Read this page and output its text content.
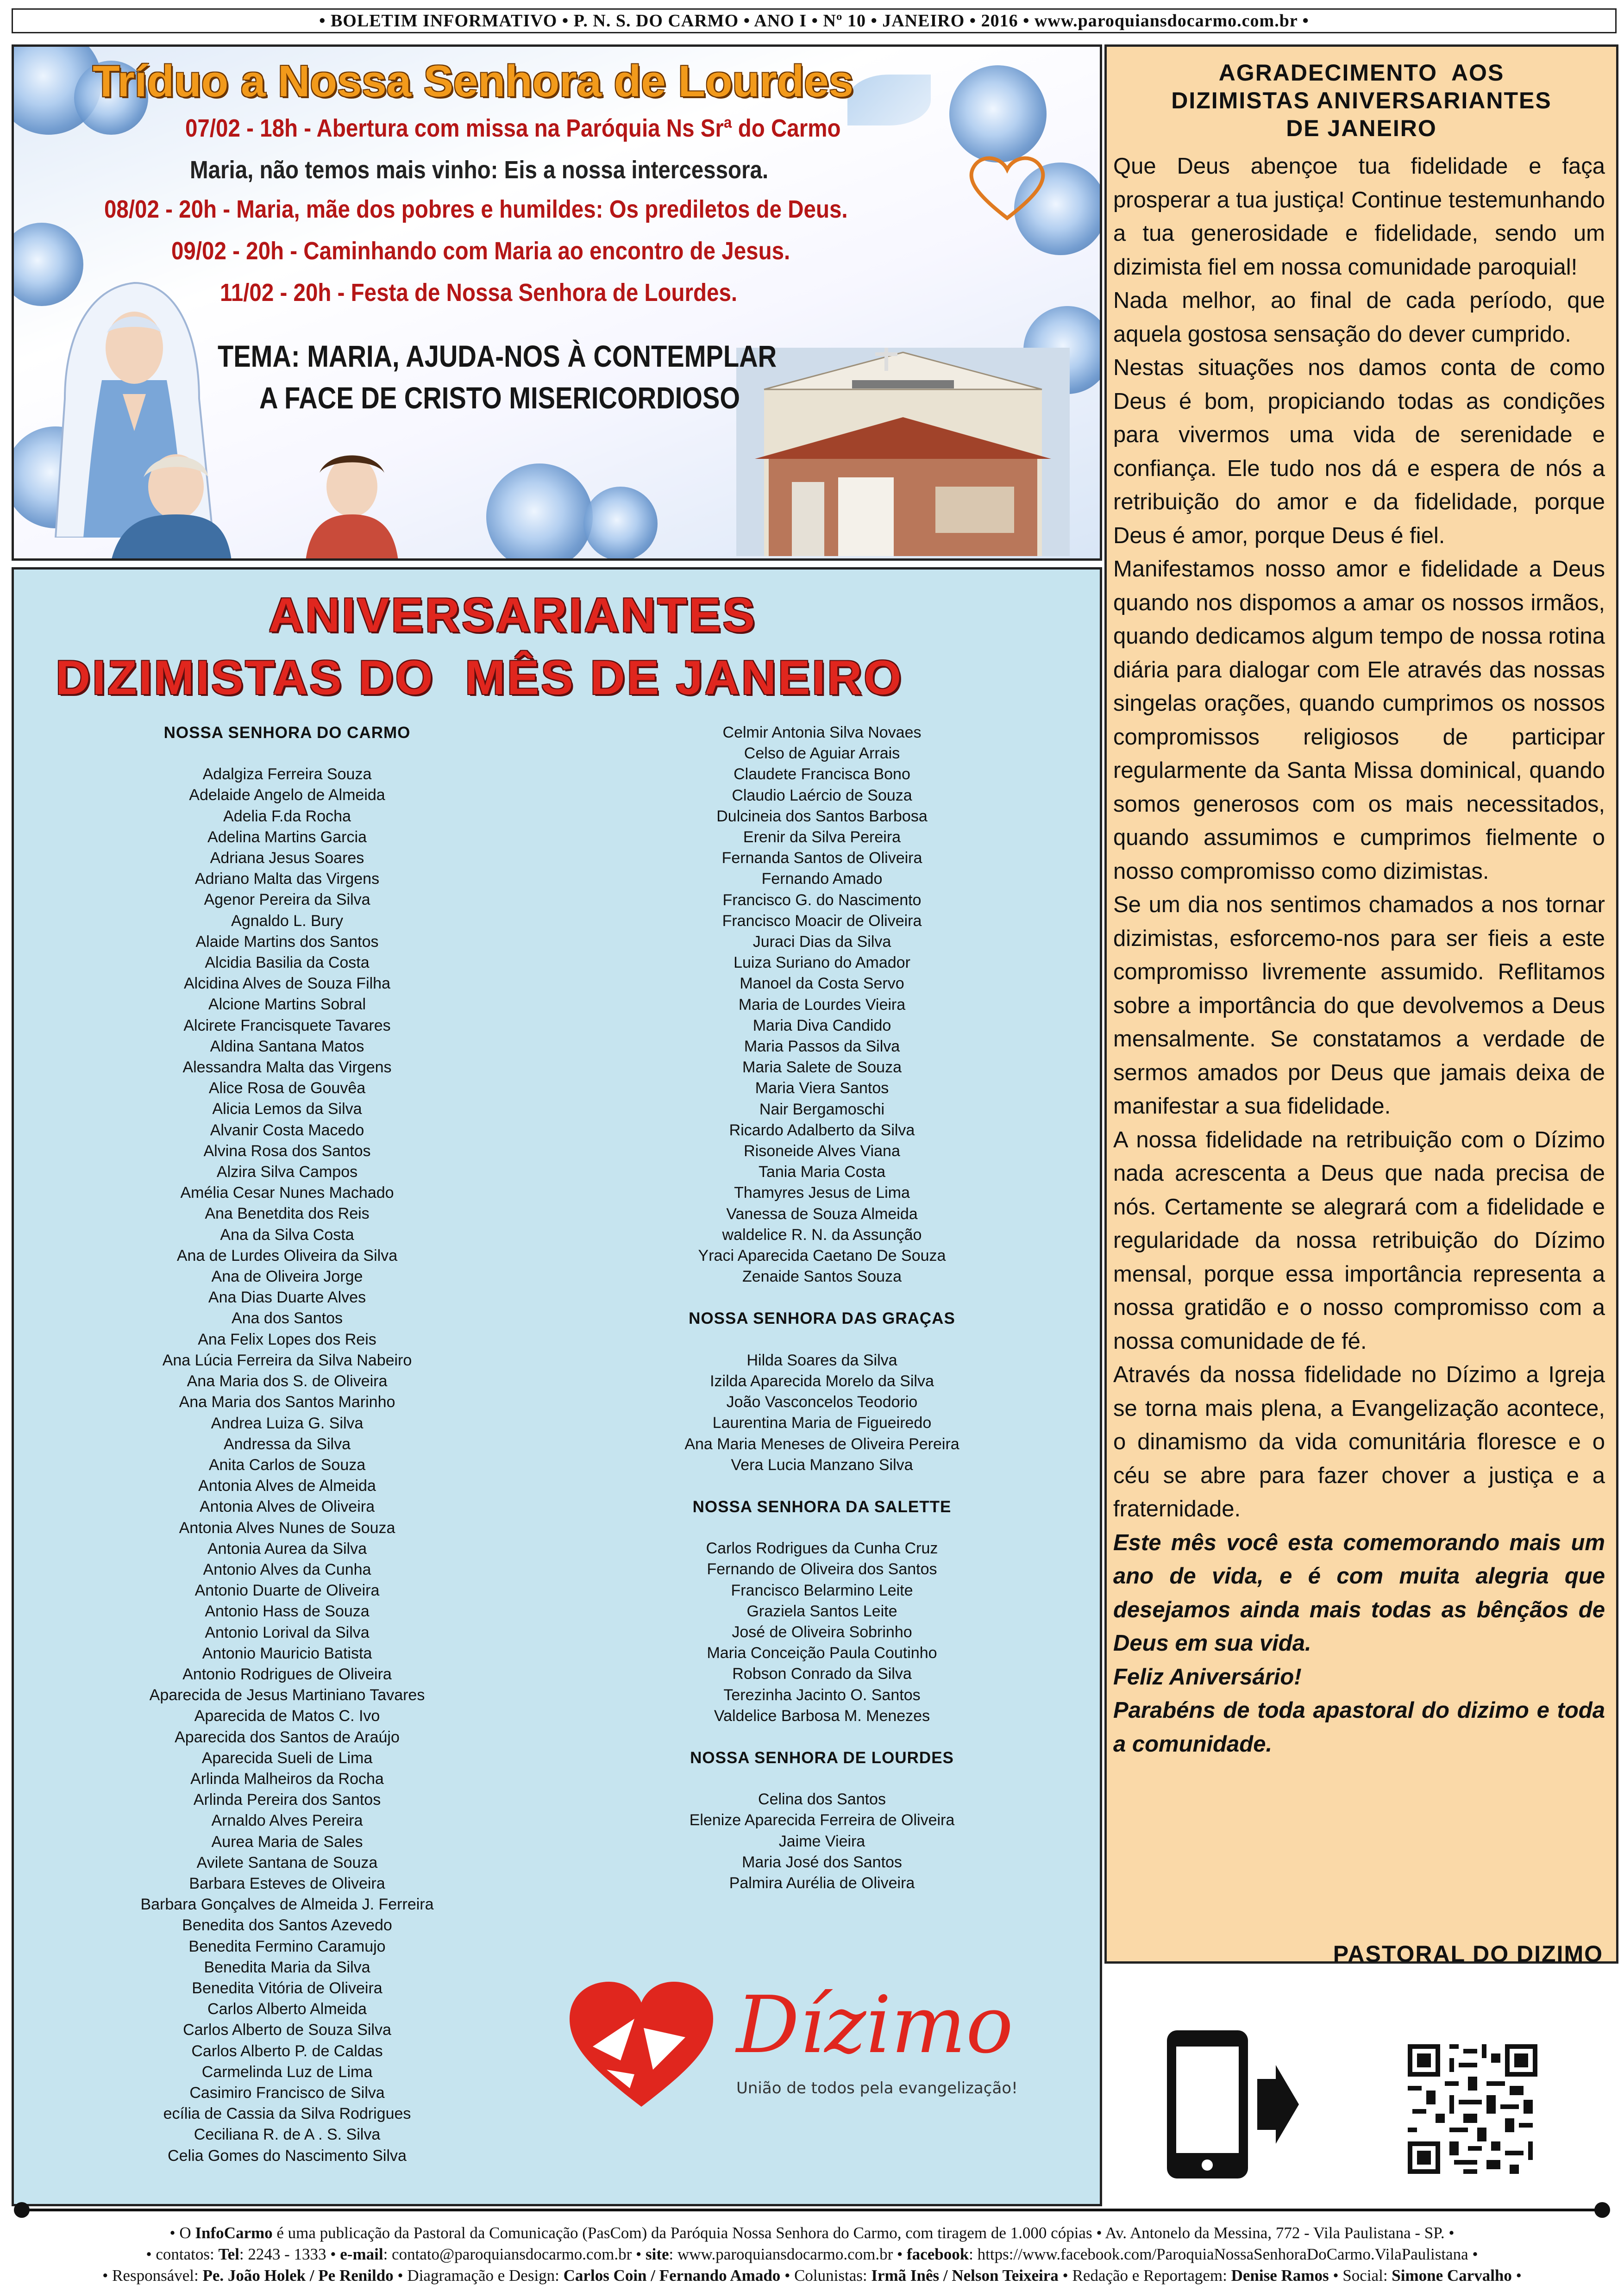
• BOLETIM INFORMATIVO • P. N. S. DO CARMO • ANO I • Nº 10 • JANEIRO • 2016 • www.paroquiansdocarmo.com.br •
Tríduo a Nossa Senhora de Lourdes
07/02 - 18h - Abertura com missa na Paróquia Ns Srª do Carmo
Maria, não temos mais vinho: Eis a nossa intercessora.
08/02 - 20h - Maria, mãe dos pobres e humildes: Os prediletos de Deus.
09/02 - 20h - Caminhando com Maria ao encontro de Jesus.
11/02 - 20h - Festa de Nossa Senhora de Lourdes.
TEMA: MARIA, AJUDA-NOS À CONTEMPLAR
A FACE DE CRISTO MISERICORDIOSO
ANIVERSARIANTES
DIZIMISTAS DO  MÊS DE JANEIRO
NOSSA SENHORA DO CARMO
Adalgiza Ferreira Souza
Adelaide Angelo de Almeida
Adelia F.da Rocha
Adelina Martins Garcia
Adriana Jesus Soares
Adriano Malta das Virgens
Agenor Pereira da Silva
Agnaldo L. Bury
Alaide Martins dos Santos
Alcidia Basilia da Costa
Alcidina Alves de Souza Filha
Alcione Martins Sobral
Alcirete Francisquete Tavares
Aldina Santana Matos
Alessandra Malta das Virgens
Alice Rosa de Gouvêa
Alicia Lemos da Silva
Alvanir Costa Macedo
Alvina Rosa dos Santos
Alzira Silva Campos
Amélia Cesar Nunes Machado
Ana Benetdita dos Reis
Ana da Silva Costa
Ana de Lurdes Oliveira da Silva
Ana de Oliveira Jorge
Ana Dias Duarte Alves
Ana dos Santos
Ana Felix Lopes dos Reis
Ana Lúcia Ferreira da Silva Nabeiro
Ana Maria dos S. de Oliveira
Ana Maria dos Santos Marinho
Andrea Luiza G. Silva
Andressa da Silva
Anita Carlos de Souza
Antonia Alves de Almeida
Antonia Alves de Oliveira
Antonia Alves Nunes de Souza
Antonia Aurea da Silva
Antonio Alves da Cunha
Antonio Duarte de Oliveira
Antonio Hass de Souza
Antonio Lorival da Silva
Antonio Mauricio Batista
Antonio Rodrigues de Oliveira
Aparecida de Jesus Martiniano Tavares
Aparecida de Matos C. Ivo
Aparecida dos Santos de Araújo
Aparecida Sueli de Lima
Arlinda Malheiros da Rocha
Arlinda Pereira dos Santos
Arnaldo Alves Pereira
Aurea Maria de Sales
Avilete Santana de Souza
Barbara Esteves de Oliveira
Barbara Gonçalves de Almeida J. Ferreira
Benedita dos Santos Azevedo
Benedita Fermino Caramujo
Benedita Maria da Silva
Benedita Vitória de Oliveira
Carlos Alberto Almeida
Carlos Alberto de Souza Silva
Carlos Alberto P. de Caldas
Carmelinda Luz de Lima
Casimiro Francisco de Silva
ecília de Cassia da Silva Rodrigues
Ceciliana R. de A . S. Silva
Celia Gomes do Nascimento Silva
Celmir Antonia Silva Novaes
Celso de Aguiar Arrais
Claudete Francisca Bono
Claudio Laércio de Souza
Dulcineia dos Santos Barbosa
Erenir da Silva Pereira
Fernanda Santos de Oliveira
Fernando Amado
Francisco G. do Nascimento
Francisco Moacir de Oliveira
Juraci Dias da Silva
Luiza Suriano do Amador
Manoel da Costa Servo
Maria de Lourdes Vieira
Maria Diva Candido
Maria Passos da Silva
Maria Salete de Souza
Maria Viera Santos
Nair Bergamoschi
Ricardo Adalberto da Silva
Risoneide Alves Viana
Tania Maria Costa
Thamyres Jesus de Lima
Vanessa de Souza Almeida
waldelice R. N. da Assunção
Yraci Aparecida Caetano De Souza
Zenaide Santos Souza
NOSSA SENHORA DAS GRAÇAS
Hilda Soares da Silva
Izilda Aparecida Morelo da Silva
João Vasconcelos Teodorio
Laurentina Maria de Figueiredo
Ana Maria Meneses de Oliveira Pereira
Vera Lucia Manzano Silva
NOSSA SENHORA DA SALETTE
Carlos Rodrigues da Cunha Cruz
Fernando de Oliveira dos Santos
Francisco Belarmino Leite
Graziela Santos Leite
José de Oliveira Sobrinho
Maria Conceição Paula Coutinho
Robson Conrado da Silva
Terezinha Jacinto O. Santos
Valdelice Barbosa M. Menezes
NOSSA SENHORA DE LOURDES
Celina dos Santos
Elenize Aparecida Ferreira de Oliveira
Jaime Vieira
Maria José dos Santos
Palmira Aurélia de Oliveira
Dízimo
União de todos pela evangelização!
AGRADECIMENTO  AOS
DIZIMISTAS ANIVERSARIANTES
DE JANEIRO

Que Deus abençoe tua fidelidade e faça prosperar a tua justiça! Continue testemunhando a tua generosidade e fidelidade, sendo um dizimista fiel em nossa comunidade paroquial!

Nada melhor, ao final de cada período, que aquela gostosa sensação do dever cumprido.

Nestas situações nos damos conta de como Deus é bom, propiciando todas as condições para vivermos uma vida de serenidade e confiança. Ele tudo nos dá e espera de nós a retribuição do amor e da fidelidade, porque Deus é amor, porque Deus é fiel.

Manifestamos nosso amor e fidelidade a Deus quando nos dispomos a amar os nossos irmãos, quando dedicamos algum tempo de nossa rotina diária para dialogar com Ele através das nossas singelas orações, quando cumprimos os nossos compromissos religiosos de participar regularmente da Santa Missa dominical, quando somos generosos com os mais necessitados, quando assumimos e cumprimos fielmente o nosso compromisso como dizimistas.

Se um dia nos sentimos chamados a nos tornar dizimistas, esforcemo-nos para ser fieis a este compromisso livremente assumido. Reflitamos sobre a importância do que devolvemos a Deus mensalmente. Se constatamos a verdade de sermos amados por Deus que jamais deixa de manifestar a sua fidelidade.

A nossa fidelidade na retribuição com o Dízimo nada acrescenta a Deus que nada precisa de nós. Certamente se alegrará com a fidelidade e regularidade da nossa retribuição do Dízimo mensal, porque essa importância representa a nossa gratidão e o nosso compromisso com a nossa comunidade de fé.

Através da nossa fidelidade no Dízimo a Igreja se torna mais plena, a Evangelização acontece, o dinamismo da vida comunitária floresce e o céu se abre para fazer chover a justiça e a fraternidade.

Este mês você esta comemorando mais um ano de vida, e é com muita alegria que desejamos ainda mais todas as bênçãos de Deus em sua vida.

Feliz Aniversário!

Parabéns de toda apastoral do dizimo e toda a comunidade.

PASTORAL DO DIZIMO
• O InfoCarmo é uma publicação da Pastoral da Comunicação (PasCom) da Paróquia Nossa Senhora do Carmo, com tiragem de 1.000 cópias • Av. Antonelo da Messina, 772 - Vila Paulistana - SP. •
• contatos: Tel: 2243 - 1333 • e-mail: contato@paroquiansdocarmo.com.br • site: www.paroquiansdocarmo.com.br • facebook: https://www.facebook.com/ParoquiaNossaSenhoraDoCarmo.VilaPaulistana •
• Responsável: Pe. João Holek / Pe Renildo • Diagramação e Design: Carlos Coin / Fernando Amado • Colunistas: Irmã Inês / Nelson Teixeira • Redação e Reportagem: Denise Ramos • Social: Simone Carvalho •
